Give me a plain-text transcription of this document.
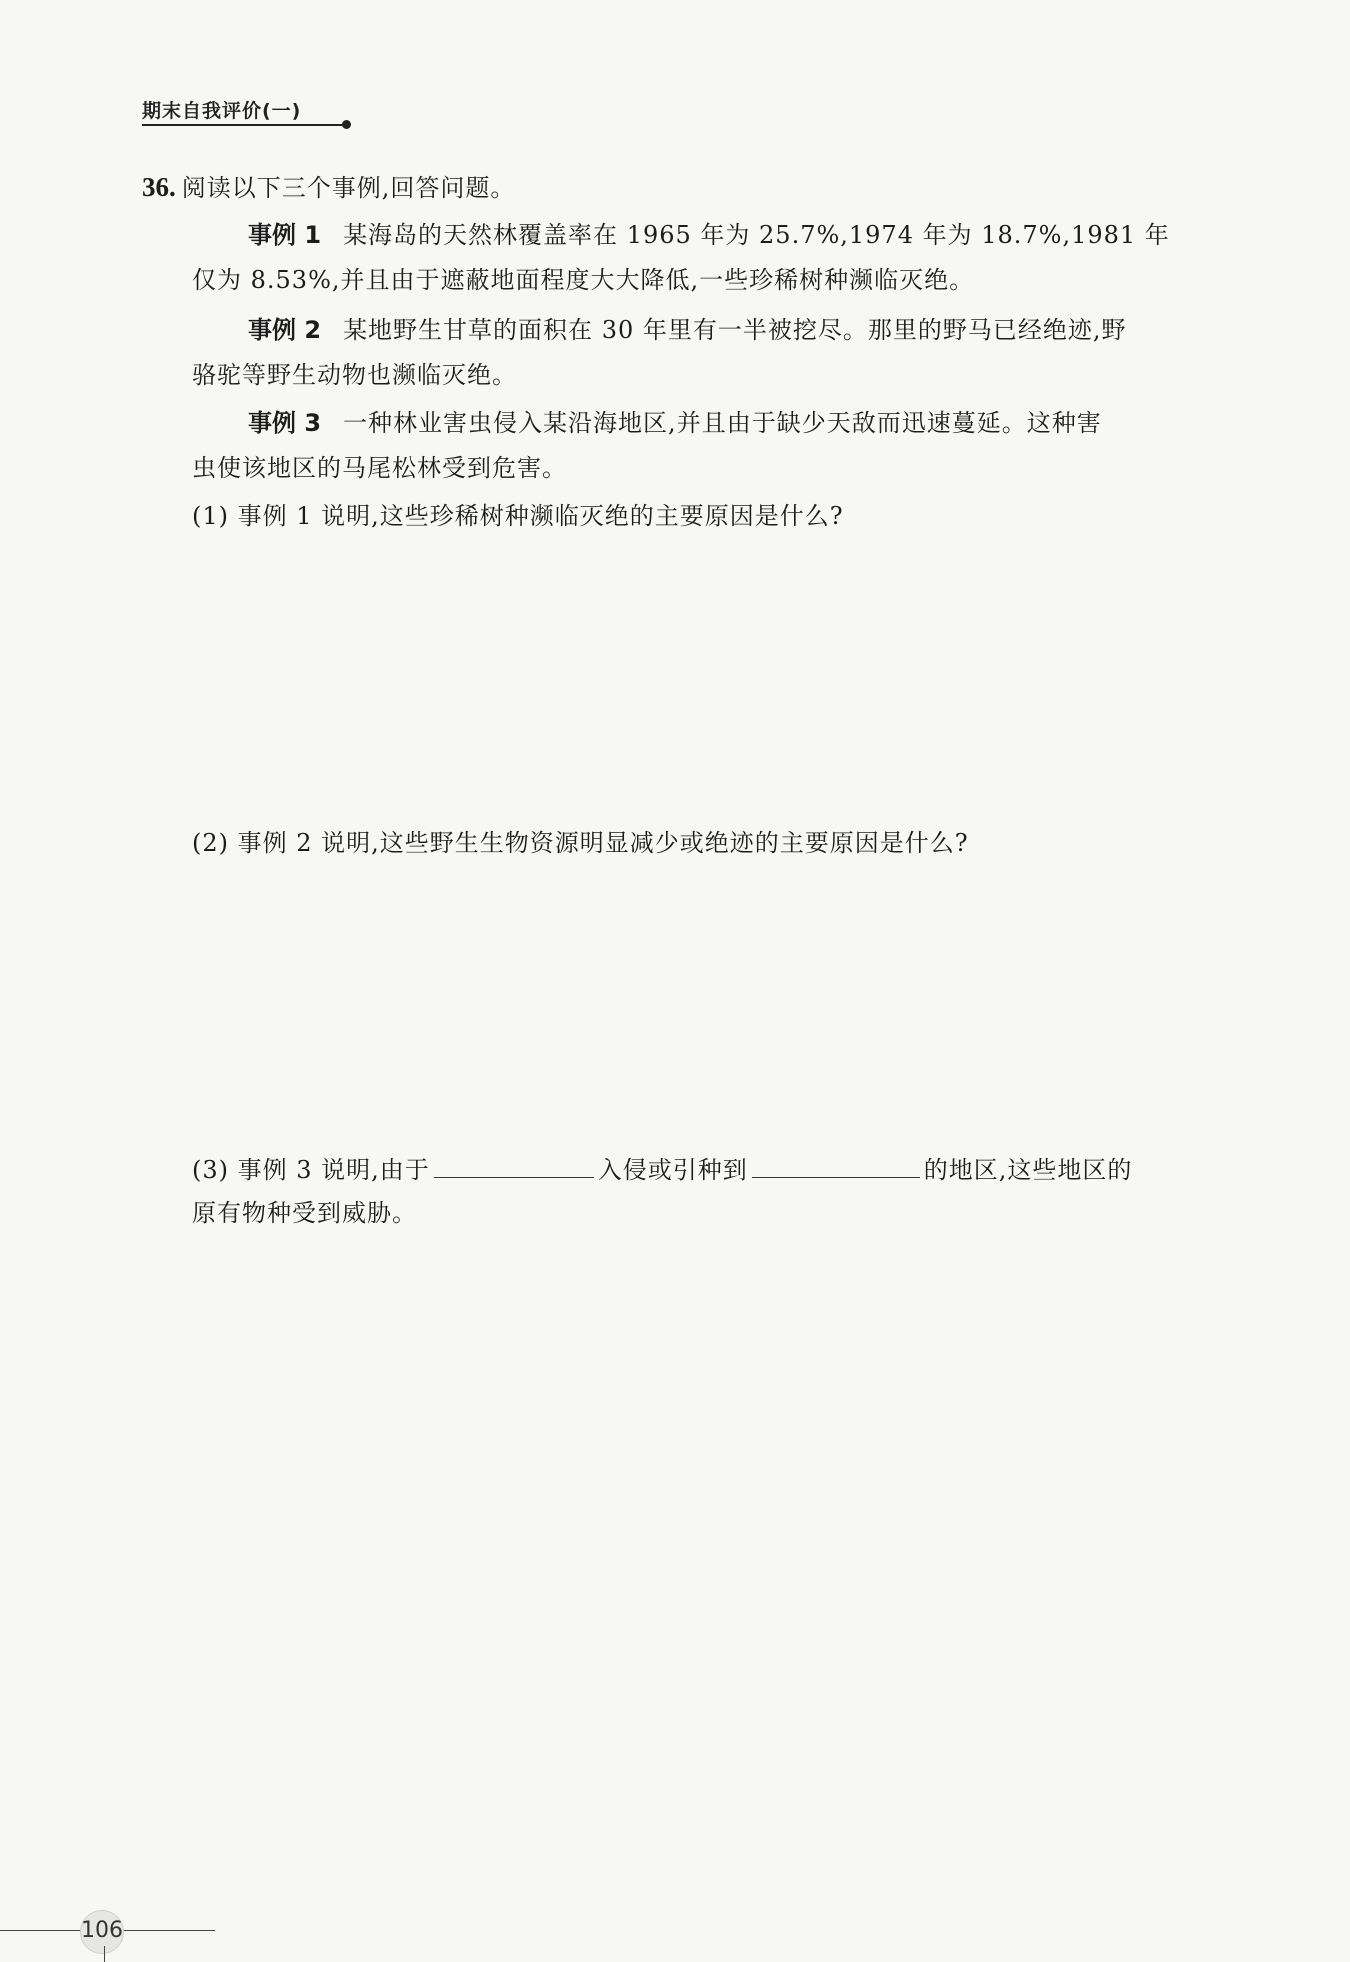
期末自我评价(一)
36. 阅读以下三个事例,回答问题。
事例 1 某海岛的天然林覆盖率在 1965 年为 25.7%,1974 年为 18.7%,1981 年
仅为 8.53%,并且由于遮蔽地面程度大大降低,一些珍稀树种濒临灭绝。
事例 2 某地野生甘草的面积在 30 年里有一半被挖尽。那里的野马已经绝迹,野
骆驼等野生动物也濒临灭绝。
事例 3 一种林业害虫侵入某沿海地区,并且由于缺少天敌而迅速蔓延。这种害
虫使该地区的马尾松林受到危害。
(1) 事例 1 说明,这些珍稀树种濒临灭绝的主要原因是什么?
(2) 事例 2 说明,这些野生生物资源明显减少或绝迹的主要原因是什么?
(3) 事例 3 说明,由于	入侵或引种到	的地区,这些地区的
原有物种受到威胁。
106
